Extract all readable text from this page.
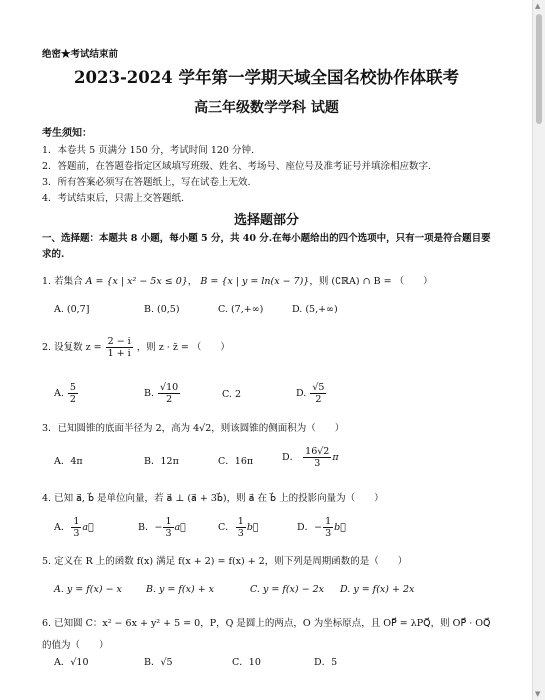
绝密★考试结束前
2023-2024 学年第一学期天域全国名校协作体联考
高三年级数学学科 试题
考生须知：
1．本卷共 5 页满分 150 分，考试时间 120 分钟.
2．答题前，在答题卷指定区域填写班级、姓名、考场号、座位号及准考证号并填涂相应数字.
3．所有答案必须写在答题纸上，写在试卷上无效.
4．考试结束后，只需上交答题纸.
选择题部分
一、选择题：本题共 8 小题，每小题 5 分，共 40 分.在每小题给出的四个选项中，只有一项是符合题目要求的.
1. 若集合 A = {x | x² − 5x ≤ 0}， B = {x | y = ln(x − 7)}，则 (∁ℝA) ∩ B = （　　）
A. (0,7]	B. (0,5)	C. (7,+∞)	D. (5,+∞)
2. 设复数 $z = \frac{2 - i}{1 + i}$ ，则 z · z̄ = （　　）
A. $\frac{5}{2}$	B. $\frac{√10}{2}$	C. 2	D. $\frac{√5}{2}$
3．已知圆锥的底面半径为 2，高为 4√2，则该圆锥的侧面积为（　　）
A．4π	B．12π	C．16π	D． $\frac{16√2}{3}$ π
4. 已知 a⃗, b⃗ 是单位向量，若 a⃗ ⊥ (a⃗ + 3b⃗)，则 a⃗ 在 b⃗ 上的投影向量为（　　）
A． $\frac{1}{3}$ a⃗	B．− $\frac{1}{3}$ a⃗	C． $\frac{1}{3}$ b⃗	D．− $\frac{1}{3}$ b⃗
5. 定义在 R 上的函数 f(x) 满足 f(x + 2) = f(x) + 2，则下列是周期函数的是（　　）
A. y = f(x) − x	B. y = f(x) + x	C. y = f(x) − 2x D. y = f(x) + 2x
6. 已知圆 C：x² − 6x + y² + 5 = 0，P，Q 是圆上的两点，O 为坐标原点，且 OP⃗ = λPQ⃗，则 OP⃗ · OQ⃗
的值为（　　）
A．√10	B．√5	C．10	D．5
▲
▼
